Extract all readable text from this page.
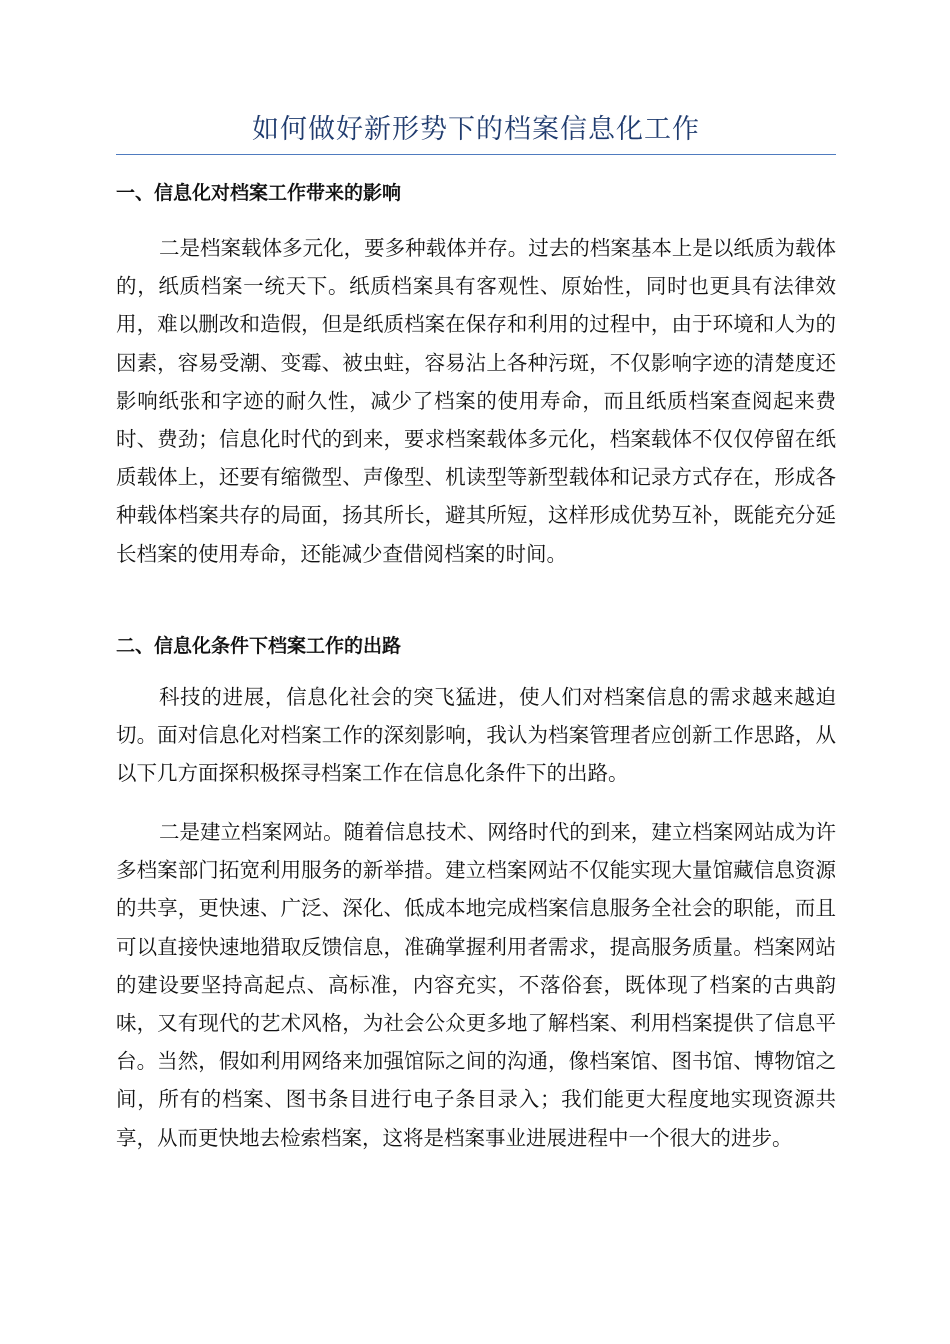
如何做好新形势下的档案信息化工作
一、信息化对档案工作带来的影响

二是档案载体多元化，要多种载体并存。过去的档案基本上是以纸质为载体的，纸质档案一统天下。纸质档案具有客观性、原始性，同时也更具有法律效用，难以删改和造假，但是纸质档案在保存和利用的过程中，由于环境和人为的因素，容易受潮、变霉、被虫蛀，容易沾上各种污斑，不仅影响字迹的清楚度还影响纸张和字迹的耐久性，减少了档案的使用寿命，而且纸质档案查阅起来费时、费劲；信息化时代的到来，要求档案载体多元化，档案载体不仅仅停留在纸质载体上，还要有缩微型、声像型、机读型等新型载体和记录方式存在，形成各种载体档案共存的局面，扬其所长，避其所短，这样形成优势互补，既能充分延长档案的使用寿命，还能减少查借阅档案的时间。

二、信息化条件下档案工作的出路

科技的进展，信息化社会的突飞猛进，使人们对档案信息的需求越来越迫切。面对信息化对档案工作的深刻影响，我认为档案管理者应创新工作思路，从以下几方面探积极探寻档案工作在信息化条件下的出路。

二是建立档案网站。随着信息技术、网络时代的到来，建立档案网站成为许多档案部门拓宽利用服务的新举措。建立档案网站不仅能实现大量馆藏信息资源的共享，更快速、广泛、深化、低成本地完成档案信息服务全社会的职能，而且可以直接快速地猎取反馈信息，准确掌握利用者需求，提高服务质量。档案网站的建设要坚持高起点、高标准，内容充实，不落俗套，既体现了档案的古典韵味，又有现代的艺术风格，为社会公众更多地了解档案、利用档案提供了信息平台。当然，假如利用网络来加强馆际之间的沟通，像档案馆、图书馆、博物馆之间，所有的档案、图书条目进行电子条目录入；我们能更大程度地实现资源共享，从而更快地去检索档案，这将是档案事业进展进程中一个很大的进步。
